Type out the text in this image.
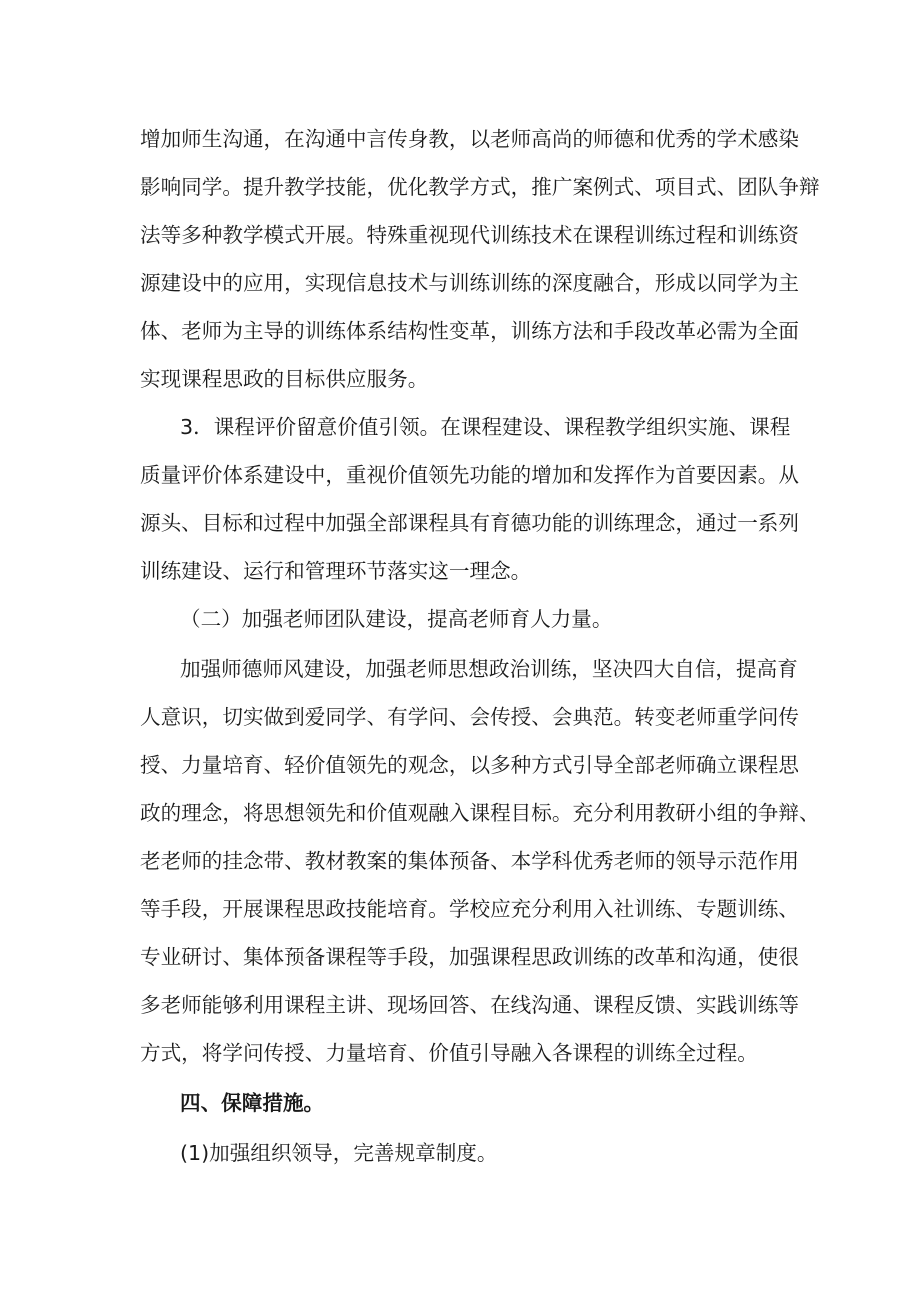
增加师生沟通，在沟通中言传身教，以老师高尚的师德和优秀的学术感染
影响同学。提升教学技能，优化教学方式，推广案例式、项目式、团队争辩
法等多种教学模式开展。特殊重视现代训练技术在课程训练过程和训练资
源建设中的应用，实现信息技术与训练训练的深度融合，形成以同学为主
体、老师为主导的训练体系结构性变革，训练方法和手段改革必需为全面
实现课程思政的目标供应服务。
3．课程评价留意价值引领。在课程建设、课程教学组织实施、课程
质量评价体系建设中，重视价值领先功能的增加和发挥作为首要因素。从
源头、目标和过程中加强全部课程具有育德功能的训练理念，通过一系列
训练建设、运行和管理环节落实这一理念。
（二）加强老师团队建设，提高老师育人力量。
加强师德师风建设，加强老师思想政治训练，坚决四大自信，提高育
人意识，切实做到爱同学、有学问、会传授、会典范。转变老师重学问传
授、力量培育、轻价值领先的观念，以多种方式引导全部老师确立课程思
政的理念，将思想领先和价值观融入课程目标。充分利用教研小组的争辩、
老老师的挂念带、教材教案的集体预备、本学科优秀老师的领导示范作用
等手段，开展课程思政技能培育。学校应充分利用入社训练、专题训练、
专业研讨、集体预备课程等手段，加强课程思政训练的改革和沟通，使很
多老师能够利用课程主讲、现场回答、在线沟通、课程反馈、实践训练等
方式，将学问传授、力量培育、价值引导融入各课程的训练全过程。
四、保障措施。
(1)加强组织领导，完善规章制度。
